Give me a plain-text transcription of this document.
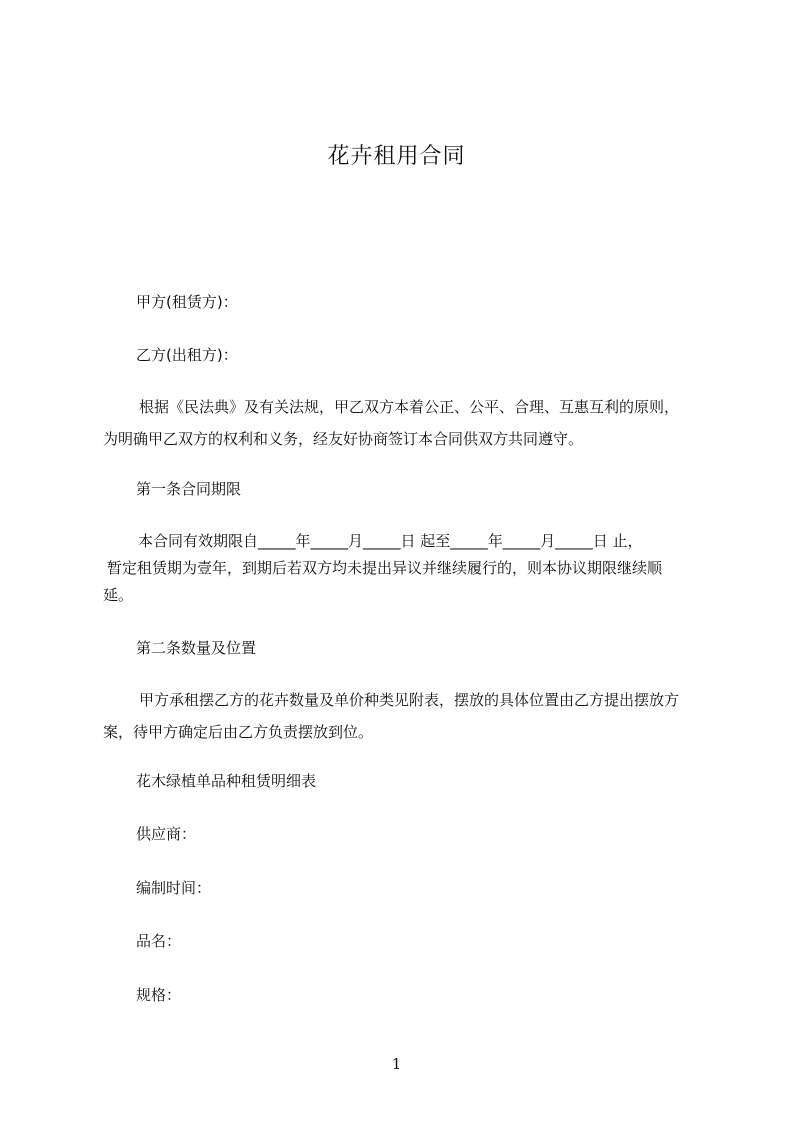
花卉租用合同
甲方(租赁方)：
乙方(出租方)：
根据《民法典》及有关法规，甲乙双方本着公正、公平、合理、互惠互利的原则，为明确甲乙双方的权利和义务，经友好协商签订本合同供双方共同遵守。
第一条合同期限
本合同有效期限自_____年_____月_____日 起至_____年_____月_____日 止，
暂定租赁期为壹年，到期后若双方均未提出异议并继续履行的，则本协议期限继续顺
延。
第二条数量及位置
甲方承租摆乙方的花卉数量及单价种类见附表，摆放的具体位置由乙方提出摆放方案，待甲方确定后由乙方负责摆放到位。
花木绿植单品种租赁明细表
供应商：
编制时间：
品名：
规格：
1
